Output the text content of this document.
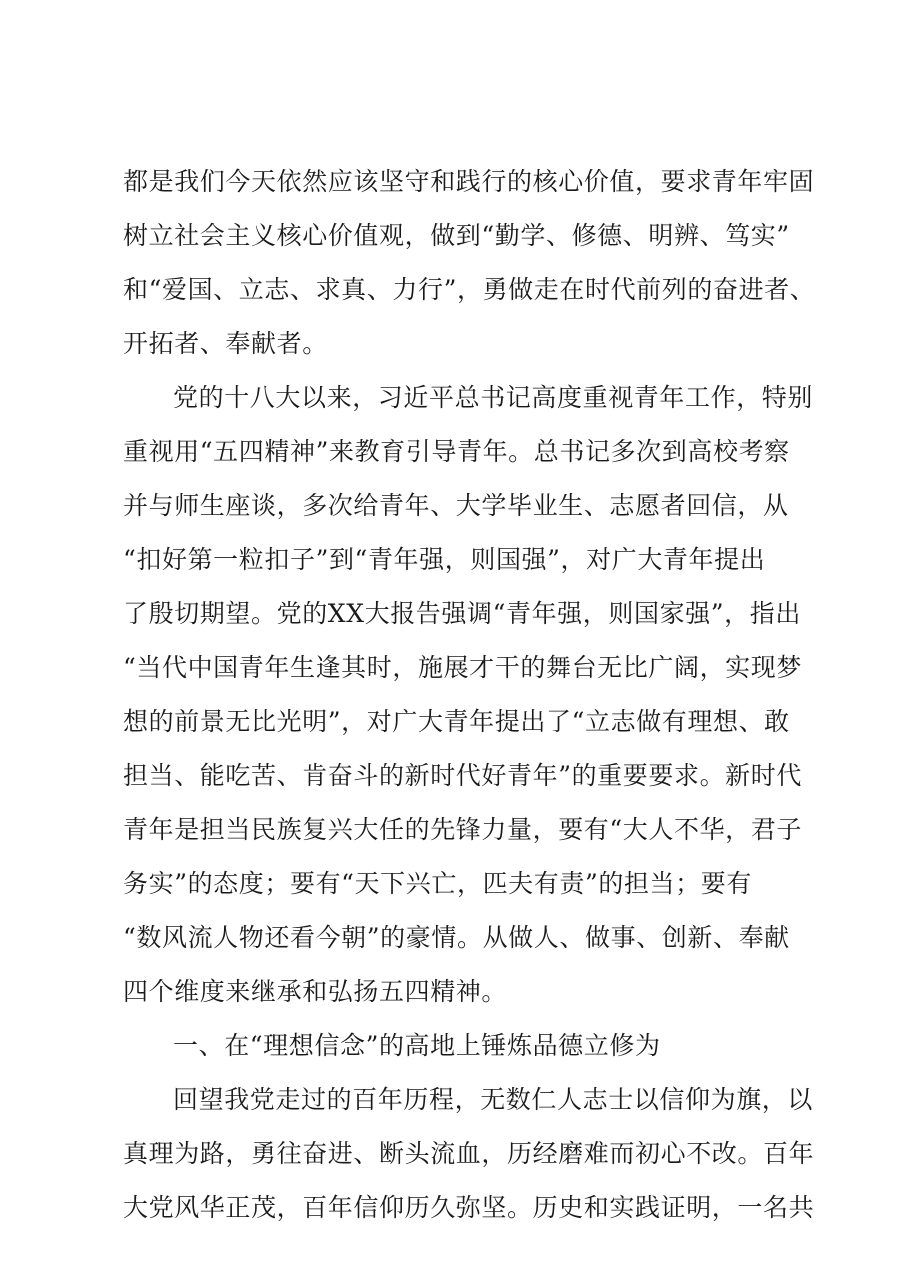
都是我们今天依然应该坚守和践行的核心价值，要求青年牢固
树立社会主义核心价值观，做到“勤学、修德、明辨、笃实”
和“爱国、立志、求真、力行”，勇做走在时代前列的奋进者、
开拓者、奉献者。
党的十八大以来，习近平总书记高度重视青年工作，特别
重视用“五四精神”来教育引导青年。总书记多次到高校考察
并与师生座谈，多次给青年、大学毕业生、志愿者回信，从
“扣好第一粒扣子”到“青年强，则国强”，对广大青年提出
了殷切期望。党的XX大报告强调“青年强，则国家强”，指出
“当代中国青年生逢其时，施展才干的舞台无比广阔，实现梦
想的前景无比光明”，对广大青年提出了“立志做有理想、敢
担当、能吃苦、肯奋斗的新时代好青年”的重要要求。新时代
青年是担当民族复兴大任的先锋力量，要有“大人不华，君子
务实”的态度；要有“天下兴亡，匹夫有责”的担当；要有
“数风流人物还看今朝”的豪情。从做人、做事、创新、奉献
四个维度来继承和弘扬五四精神。
一、在“理想信念”的高地上锤炼品德立修为
回望我党走过的百年历程，无数仁人志士以信仰为旗，以
真理为路，勇往奋进、断头流血，历经磨难而初心不改。百年
大党风华正茂，百年信仰历久弥坚。历史和实践证明，一名共
